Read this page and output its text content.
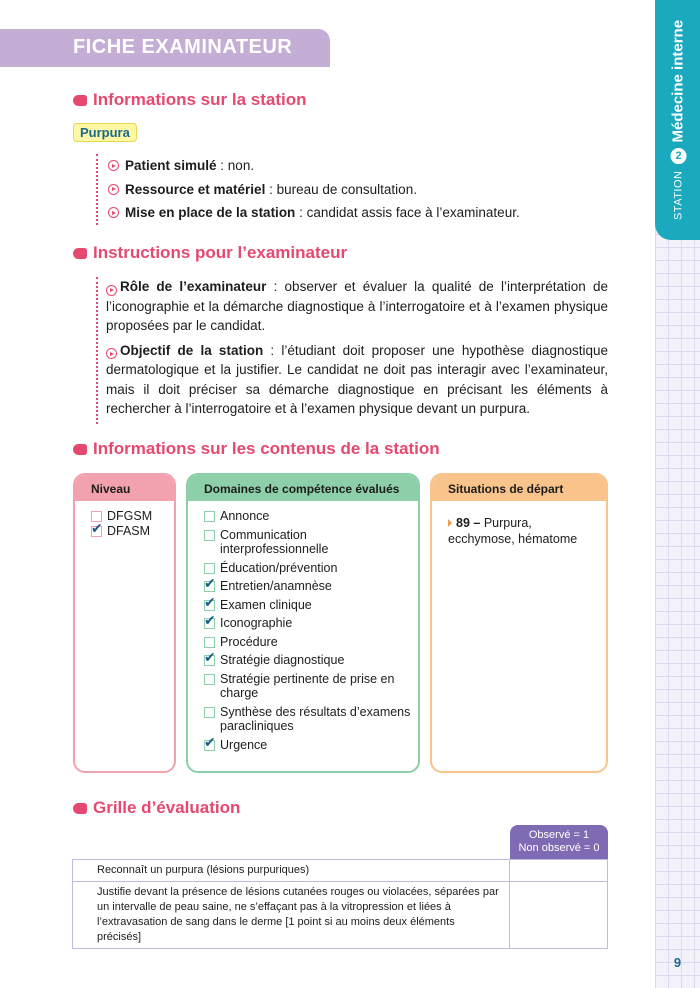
STATION
2
Médecine interne
9
FICHE EXAMINATEUR
Informations sur la station
Purpura
Patient simulé : non.
Ressource et matériel : bureau de consultation.
Mise en place de la station : candidat assis face à l’examinateur.
Instructions pour l’examinateur

Rôle de l’examinateur : observer et évaluer la qualité de l’interprétation de l’iconographie et la démarche diagnostique à l’interrogatoire et à l’examen physique proposées par le candidat.

Objectif de la station : l’étudiant doit proposer une hypothèse diagnostique dermatologique et la justifier. Le candidat ne doit pas interagir avec l’examinateur, mais il doit préciser sa démarche diagnostique en précisant les éléments à rechercher à l’interrogatoire et à l’examen physique devant un purpura.

Informations sur les contenus de la station
Niveau
DFGSM
✔
DFASM
Domaines de compétence évalués
Annonce
Communication interprofessionnelle
Éducation/prévention
✔
Entretien/anamnèse
✔
Examen clinique
✔
Iconographie
Procédure
✔
Stratégie diagnostique
Stratégie pertinente de prise en charge
Synthèse des résultats d’examens paracliniques
✔
Urgence
Situations de départ
89 – Purpura, ecchymose, hématome
Grille d’évaluation
Observé = 1
Non observé = 0
Reconnaît un purpura (lésions purpuriques)	
Justifie devant la présence de lésions cutanées rouges ou violacées, séparées par un intervalle de peau saine, ne s’effaçant pas à la vitropression et liées à l’extravasation de sang dans le derme [1 point si au moins deux éléments précisés]	
